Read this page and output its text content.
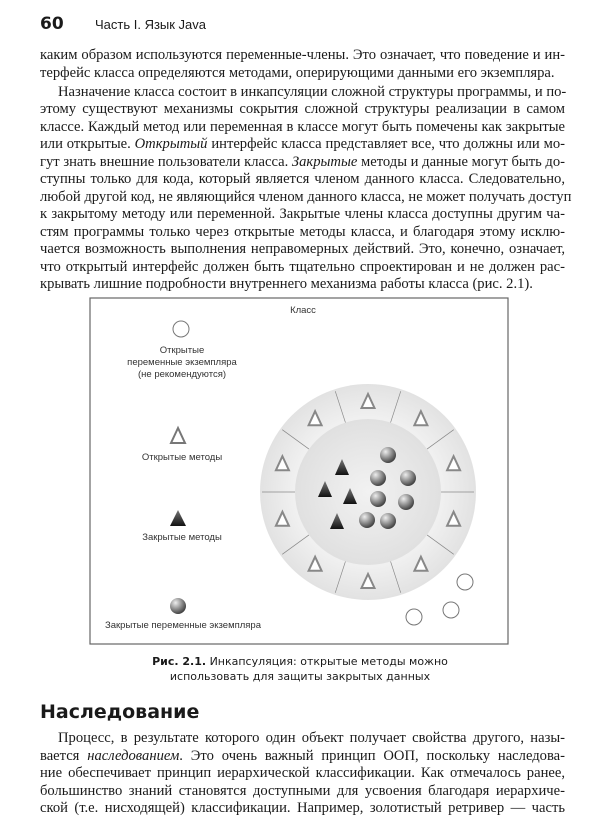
60 Часть I. Язык Java
каким образом используются переменные-члены. Это означает, что поведение и ин-
терфейс класса определяются методами, оперирующими данными его экземпляра.
Назначение класса состоит в инкапсуляции сложной структуры программы, и по-
этому существуют механизмы сокрытия сложной структуры реализации в самом
классе. Каждый метод или переменная в классе могут быть помечены как закрытые
или открытые. Открытый интерфейс класса представляет все, что должны или мо-
гут знать внешние пользователи класса. Закрытые методы и данные могут быть до-
ступны только для кода, который является членом данного класса. Следовательно,
любой другой код, не являющийся членом данного класса, не может получать доступ
к закрытому методу или переменной. Закрытые члены класса доступны другим ча-
стям программы только через открытые методы класса, и благодаря этому исклю-
чается возможность выполнения неправомерных действий. Это, конечно, означает,
что открытый интерфейс должен быть тщательно спроектирован и не должен рас-
крывать лишние подробности внутреннего механизма работы класса (рис. 2.1).
Класс
Открытые
переменные экземпляра
(не рекомендуются)
Открытые методы
Закрытые методы
Закрытые переменные экземпляра
Рис. 2.1. Инкапсуляция: открытые методы можно
использовать для защиты закрытых данных
Наследование
Процесс, в результате которого один объект получает свойства другого, назы-
вается наследованием. Это очень важный принцип ООП, поскольку наследова-
ние обеспечивает принцип иерархической классификации. Как отмечалось ранее,
большинство знаний становятся доступными для усвоения благодаря иерархиче-
ской (т.е. нисходящей) классификации. Например, золотистый ретривер — часть
